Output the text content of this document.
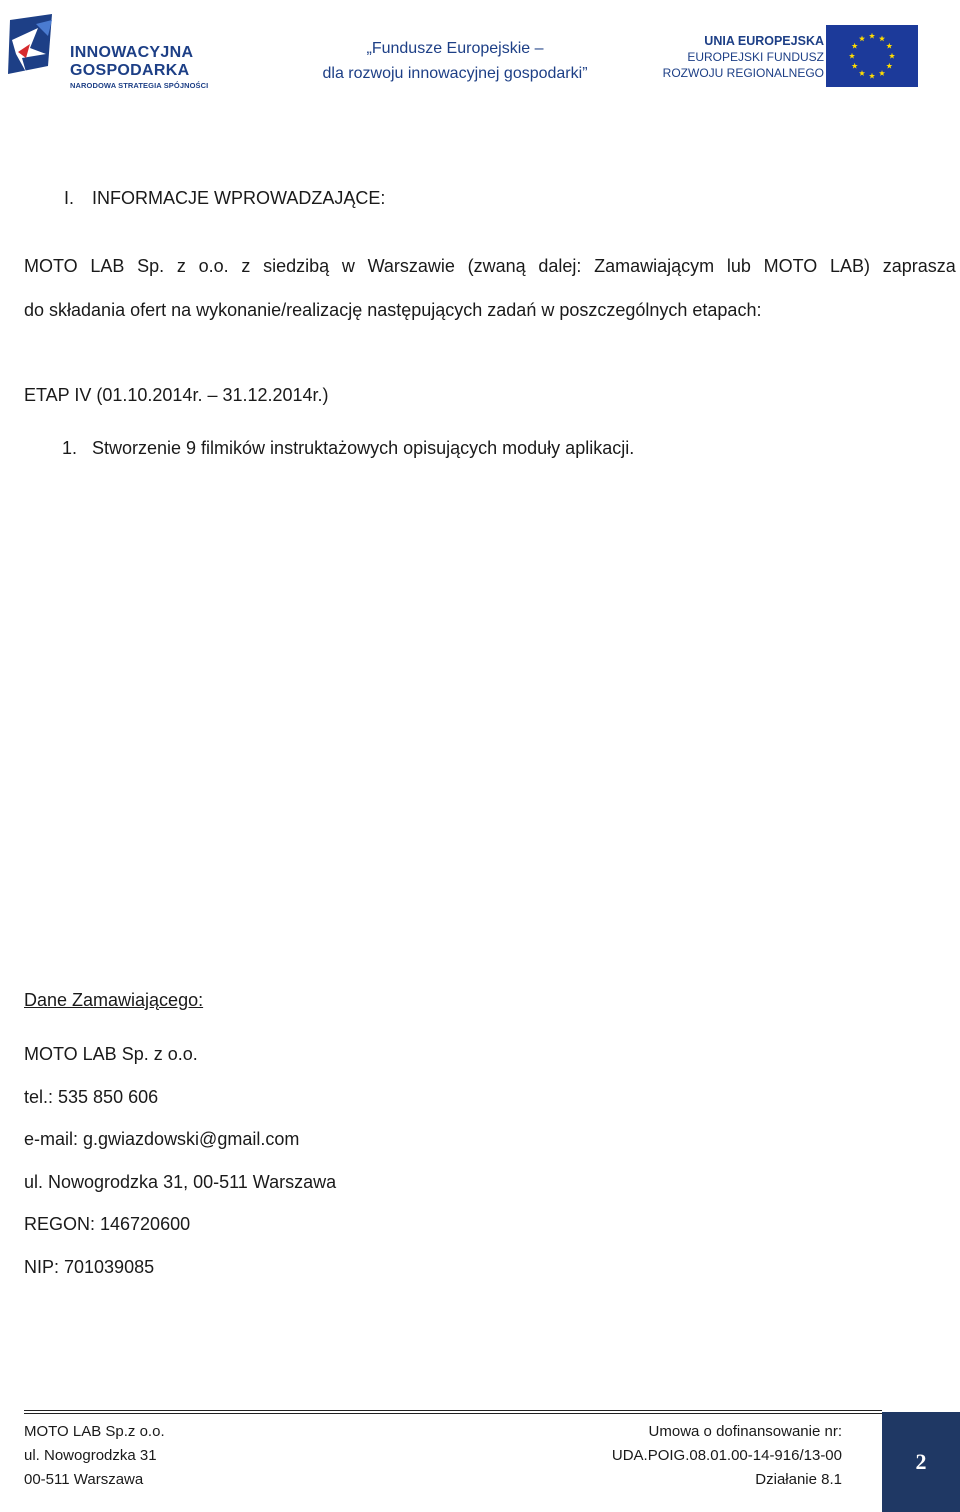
INNOWACYJNA
GOSPODARKA
NARODOWA STRATEGIA SPÓJNOŚCI
„Fundusze Europejskie –
dla rozwoju innowacyjnej gospodarki”
UNIA EUROPEJSKA
EUROPEJSKI FUNDUSZ
ROZWOJU REGIONALNEGO
I. INFORMACJE WPROWADZAJĄCE:
MOTO LAB Sp. z o.o. z siedzibą w Warszawie (zwaną dalej: Zamawiającym lub MOTO LAB) zaprasza
do składania ofert na wykonanie/realizację następujących zadań w poszczególnych etapach:
ETAP IV (01.10.2014r. – 31.12.2014r.)
1. Stworzenie 9 filmików instruktażowych opisujących moduły aplikacji.
Dane Zamawiającego:
MOTO LAB Sp. z o.o.
tel.: 535 850 606
e-mail: g.gwiazdowski@gmail.com
ul. Nowogrodzka 31, 00-511 Warszawa
REGON: 146720600
NIP: 701039085
MOTO LAB Sp.z o.o.
ul. Nowogrodzka 31
00-511 Warszawa
Umowa o dofinansowanie nr:
UDA.POIG.08.01.00-14-916/13-00
Działanie 8.1
2
